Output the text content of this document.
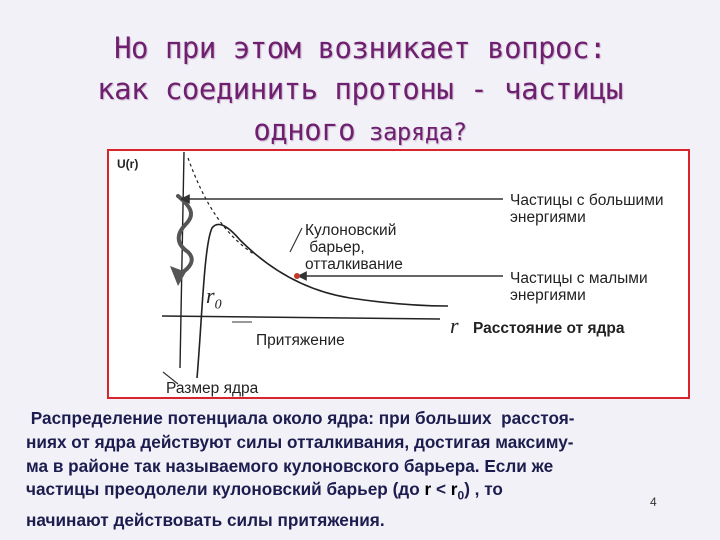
Но при этом возникает вопрос:
как соединить протоны - частицы
одного заряда?
U(r)
Частицы с большими
энергиями
Кулоновский
барьер,
отталкивание
Частицы с малыми
энергиями
$r_0$
Притяжение
r Расстояние от ядра
Размер ядра
Распределение потенциала около ядра: при больших  расстоя-
ниях от ядра действуют силы отталкивания, достигая максиму-
ма в районе так называемого кулоновского барьера. Если же
частицы преодолели кулоновский барьер (до $r < r_0$) , то
начинают действовать силы притяжения.
4
